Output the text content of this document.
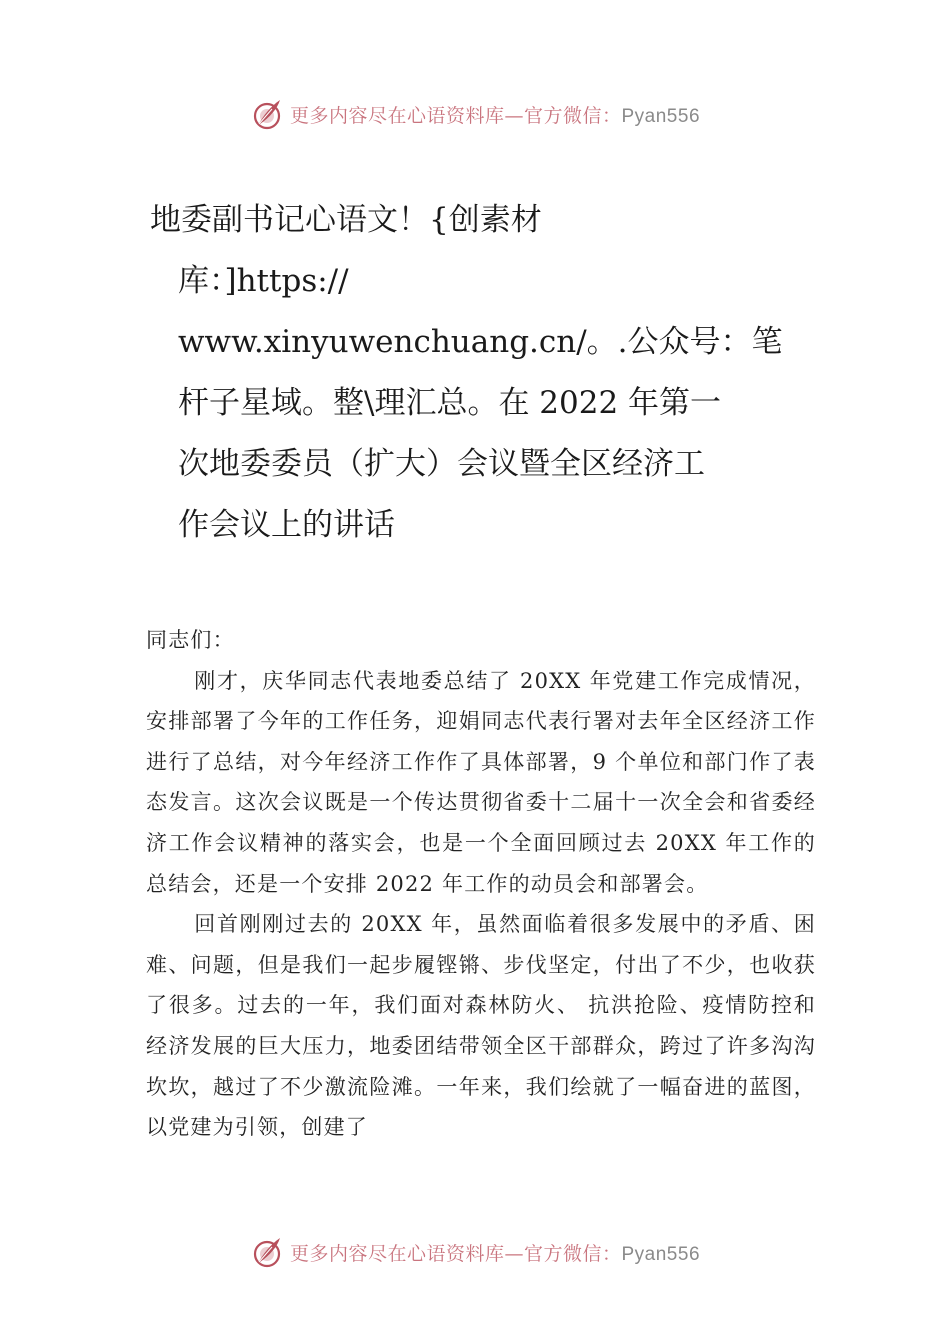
更多内容尽在心语资料库—官方微信：Pyan556
地委副书记心语文！{创素材
库：]https://
www.xinyuwenchuang.cn/。.公众号：笔
杆子星域。整\理汇总。在 2022 年第一
次地委委员（扩大）会议暨全区经济工
作会议上的讲话

同志们：

刚才，庆华同志代表地委总结了 20XX 年党建工作完成情况，安排部署了今年的工作任务，迎娟同志代表行署对去年全区经济工作进行了总结，对今年经济工作作了具体部署，9 个单位和部门作了表态发言。这次会议既是一个传达贯彻省委十二届十一次全会和省委经济工作会议精神的落实会，也是一个全面回顾过去 20XX 年工作的总结会，还是一个安排 2022 年工作的动员会和部署会。

回首刚刚过去的 20XX 年，虽然面临着很多发展中的矛盾、困难、问题，但是我们一起步履铿锵、步伐坚定，付出了不少，也收获了很多。过去的一年，我们面对森林防火、 抗洪抢险、疫情防控和经济发展的巨大压力，地委团结带领全区干部群众，跨过了许多沟沟坎坎，越过了不少激流险滩。一年来，我们绘就了一幅奋进的蓝图，以党建为引领，创建了

更多内容尽在心语资料库—官方微信：Pyan556
